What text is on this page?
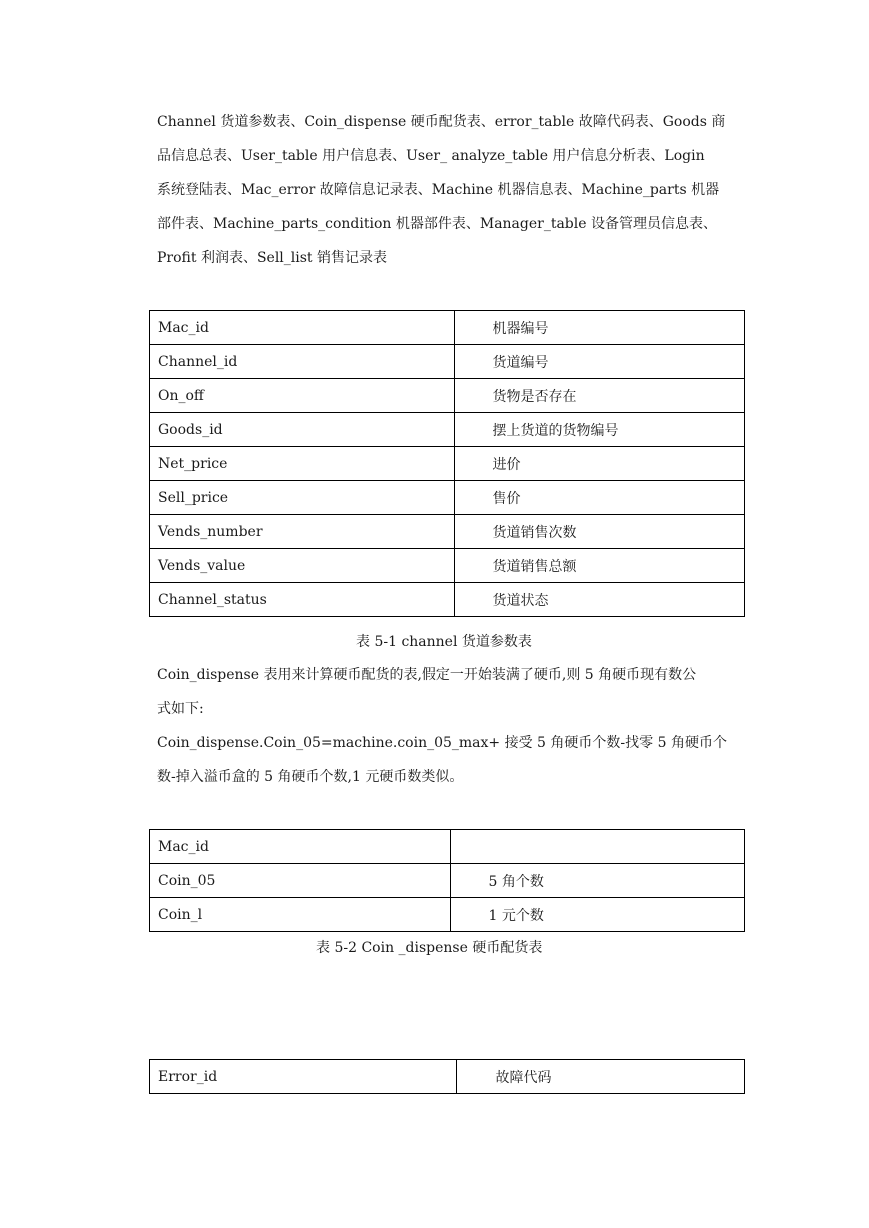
Channel 货道参数表、Coin_dispense 硬币配货表、error_table 故障代码表、Goods 商
品信息总表、User_table 用户信息表、User_ analyze_table 用户信息分析表、Login
系统登陆表、Mac_error 故障信息记录表、Machine 机器信息表、Machine_parts 机器
部件表、Machine_parts_condition 机器部件表、Manager_table 设备管理员信息表、
Profit 利润表、Sell_list 销售记录表

Mac_id	机器编号
Channel_id	货道编号
On_off	货物是否存在
Goods_id	摆上货道的货物编号
Net_price	进价
Sell_price	售价
Vends_number	货道销售次数
Vends_value	货道销售总额
Channel_status	货道状态
表 5-1 channel 货道参数表

Coin_dispense 表用来计算硬币配货的表,假定一开始装满了硬币,则 5 角硬币现有数公
式如下:
Coin_dispense.Coin_05=machine.coin_05_max+ 接受 5 角硬币个数-找零 5 角硬币个
数-掉入溢币盒的 5 角硬币个数,1 元硬币数类似。

Mac_id	
Coin_05	5 角个数
Coin_l	1 元个数
表 5-2 Coin _dispense 硬币配货表
Error_id	故障代码
